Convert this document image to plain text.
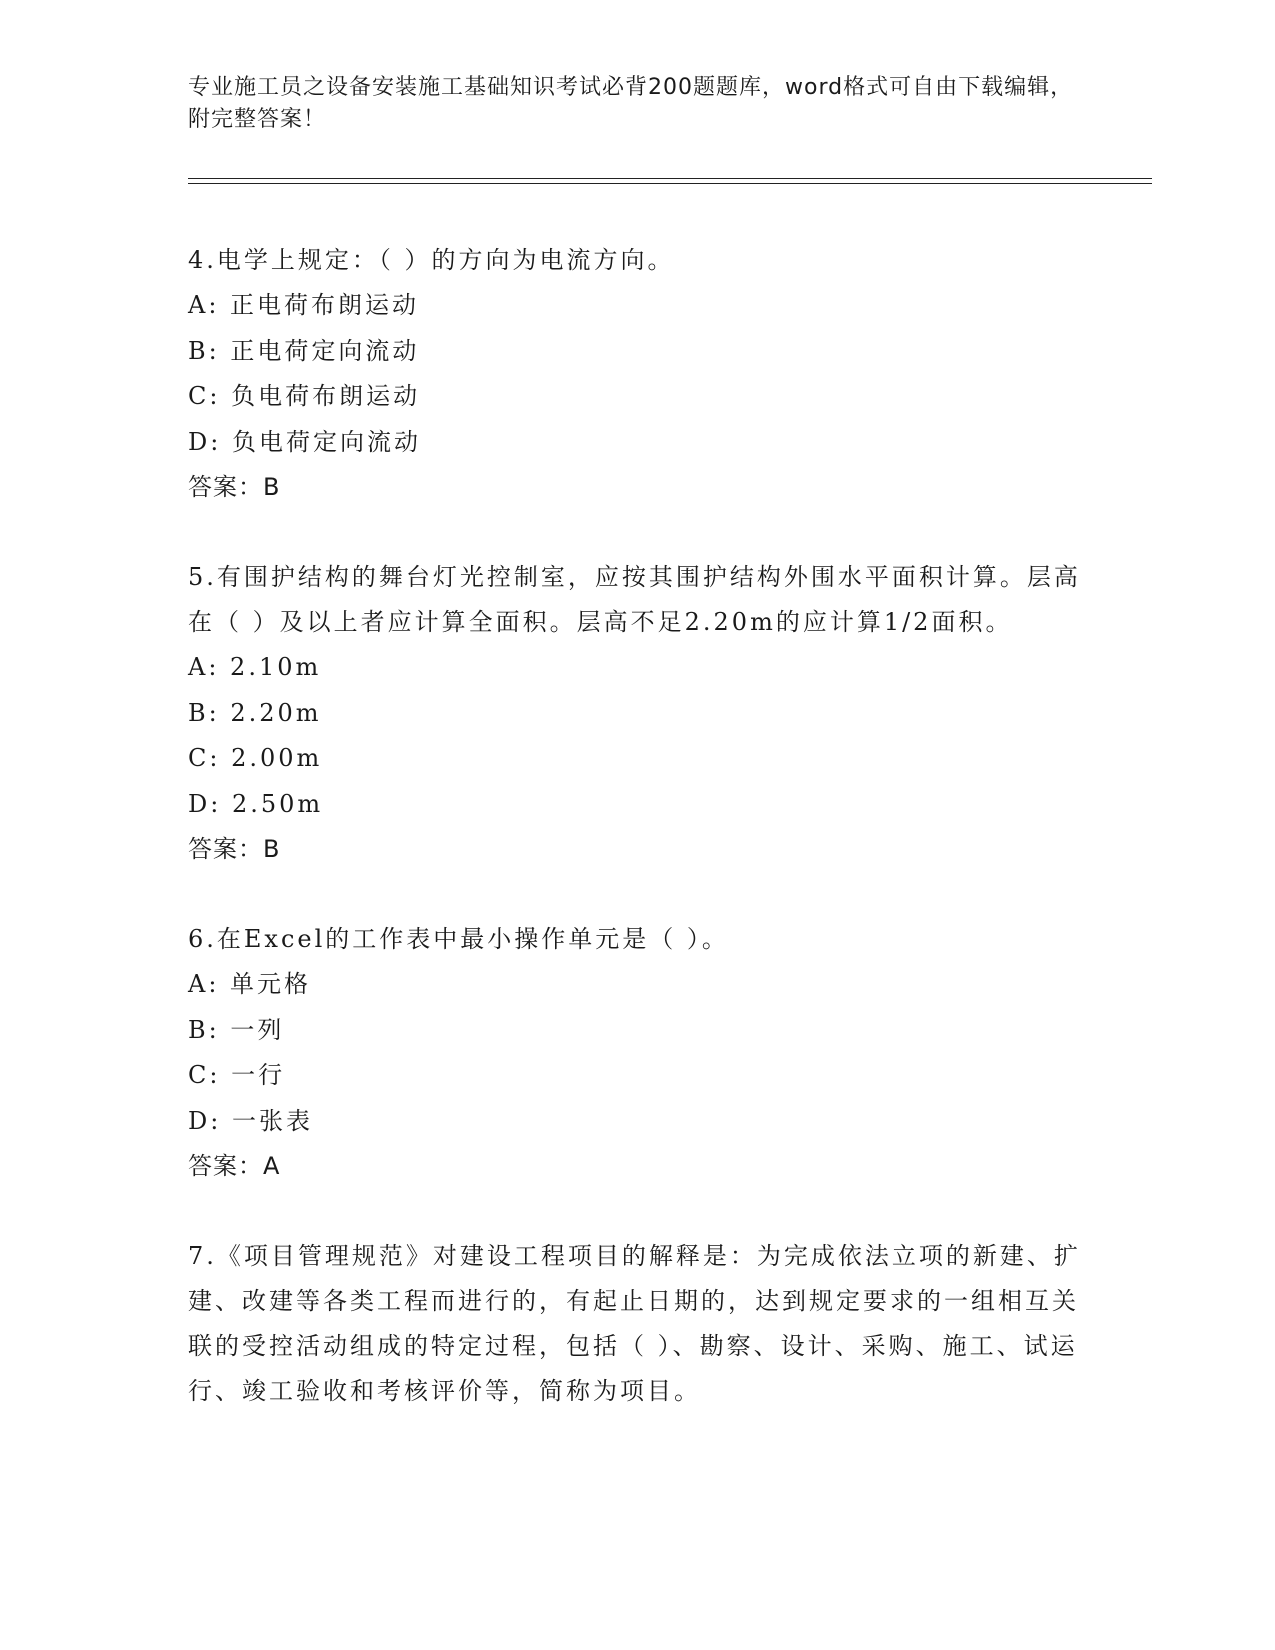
专业施工员之设备安装施工基础知识考试必背200题题库，word格式可自由下载编辑，附完整答案！

4.电学上规定：（ ）的方向为电流方向。

A: 正电荷布朗运动

B: 正电荷定向流动

C: 负电荷布朗运动

D: 负电荷定向流动

答案：B

5.有围护结构的舞台灯光控制室，应按其围护结构外围水平面积计算。层高在（ ）及以上者应计算全面积。层高不足2.20m的应计算1/2面积。

A: 2.10m

B: 2.20m

C: 2.00m

D: 2.50m

答案：B

6.在Excel的工作表中最小操作单元是（ ）。

A: 单元格

B: 一列

C: 一行

D: 一张表

答案：A

7.《项目管理规范》对建设工程项目的解释是：为完成依法立项的新建、扩建、改建等各类工程而进行的，有起止日期的，达到规定要求的一组相互关联的受控活动组成的特定过程，包括（ ）、勘察、设计、采购、施工、试运行、竣工验收和考核评价等，简称为项目。
